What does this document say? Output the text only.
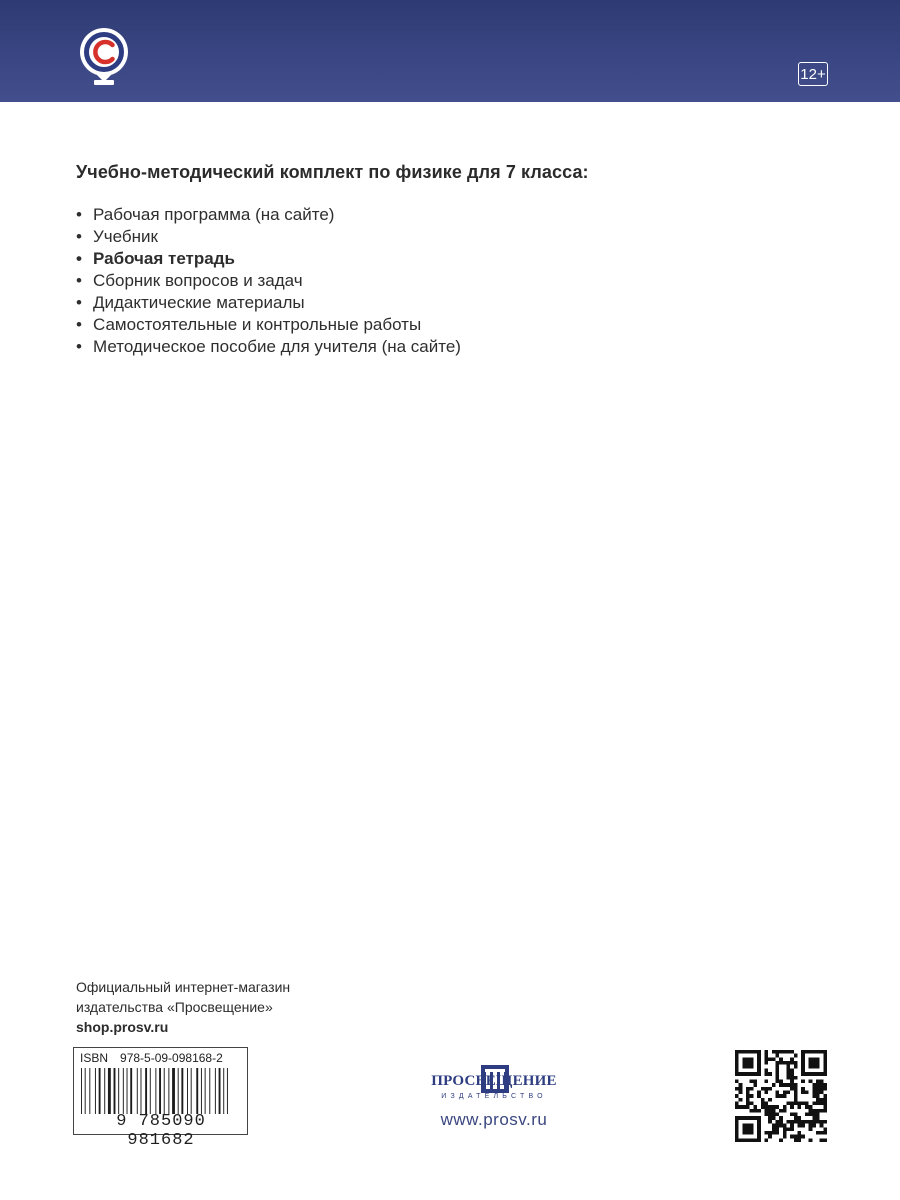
12+
Учебно-методический комплект по физике для 7 класса:
• Рабочая программа (на сайте)
• Учебник
• Рабочая тетрадь
• Сборник вопросов и задач
• Дидактические материалы
• Самостоятельные и контрольные работы
• Методическое пособие для учителя (на сайте)
Официальный интернет-магазин
издательства «Просвещение»
shop.prosv.ru
ISBN 978-5-09-098168-2
9 785090 981682
ПРОСВЕЩЕНИЕ
ИЗДАТЕЛЬСТВО
www.prosv.ru
